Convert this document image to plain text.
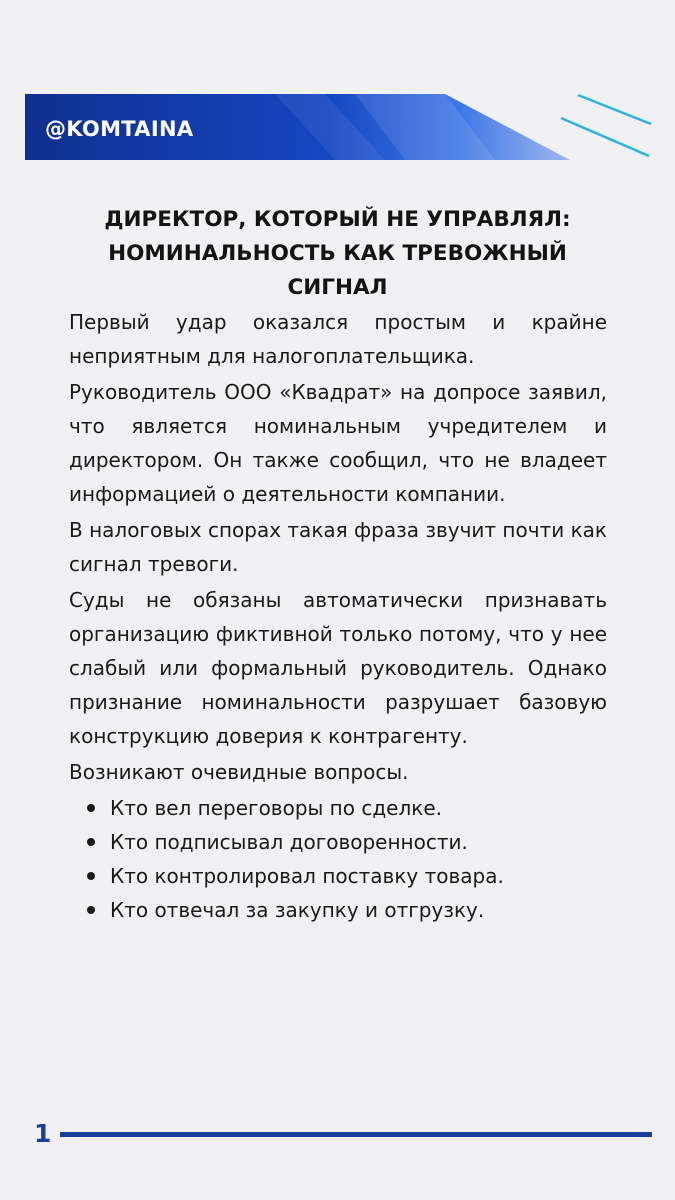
@KOMTAINA
ДИРЕКТОР, КОТОРЫЙ НЕ УПРАВЛЯЛ:
НОМИНАЛЬНОСТЬ КАК ТРЕВОЖНЫЙ
СИГНАЛ

Первый удар оказался простым и крайне неприятным для налогоплательщика.

Руководитель ООО «Квадрат» на допросе заявил, что является номинальным учредителем и директором. Он также сообщил, что не владеет информацией о деятельности компании.

В налоговых спорах такая фраза звучит почти как сигнал тревоги.

Суды не обязаны автоматически признавать организацию фиктивной только потому, что у нее слабый или формальный руководитель. Однако признание номинальности разрушает базовую конструкцию доверия к контрагенту.

Возникают очевидные вопросы.

Кто вел переговоры по сделке.
Кто подписывал договоренности.
Кто контролировал поставку товара.
Кто отвечал за закупку и отгрузку.
1
